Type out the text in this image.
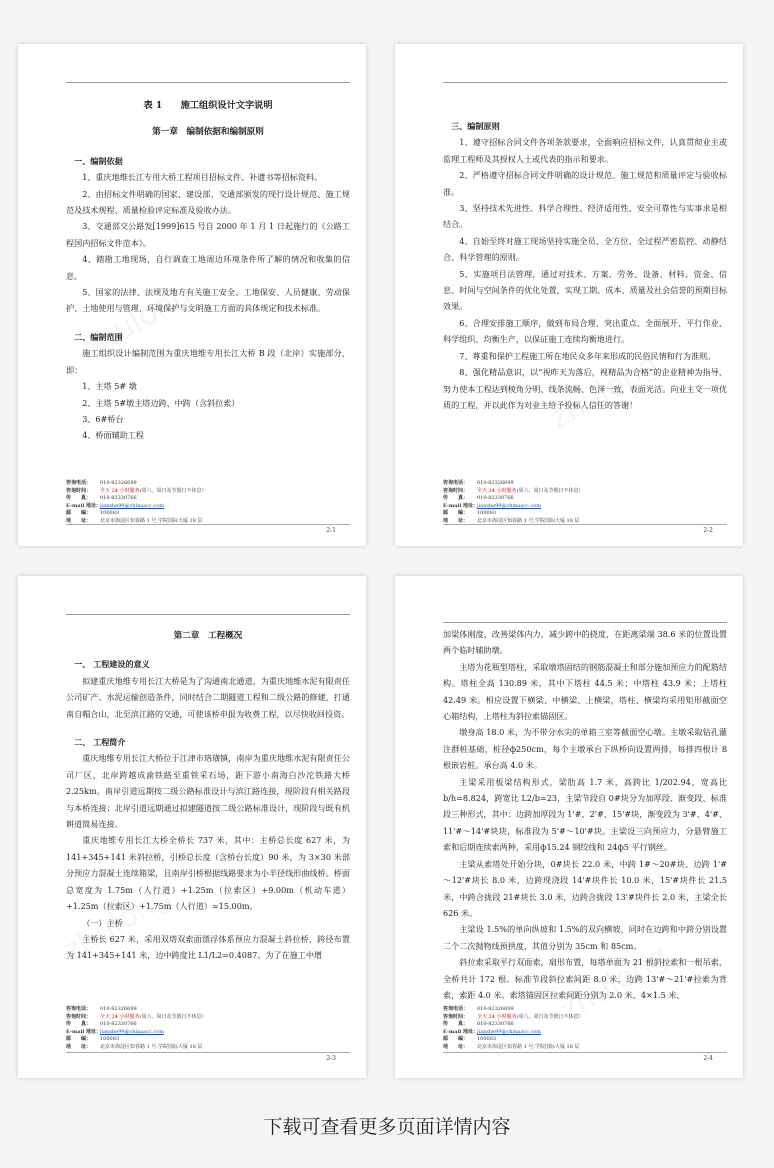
表 1　　施工组织设计文字说明

第一章　编制依据和编制原则

一、编制依据

1、重庆地维长江专用大桥工程项目招标文件、补遗书等招标资料。

2、由招标文件明确的国家、建设部、交通部颁发的现行设计规范、施工规范及技术规程、质量检验评定标准及验收办法。

3、交通部交公路发[1999]615 号自 2000 年 1 月 1 日起施行的《公路工程国内招标文件范本》。

4、踏勘工地现场，自行调查工地周边环境条件所了解的情况和收集的信息。

5、国家的法律、法规及地方有关施工安全、工地保安、人员健康、劳动保护、土地使用与管理、环境保护与文明施工方面的具体规定和技术标准。

二、编制范围

施工组织设计编制范围为重庆地维专用长江大桥 B 段（北岸）实施部分，即：

1、主塔 5# 墩

2、主塔 5#墩主塔边跨、中跨（含斜拉索）

3、6#桥台

4、桥面辅助工程

咨询电话： 010-82326699
咨询时间： 全天 24 小时服务(周六、周日及节假日不休息）
传　　真： 010-82330766
E-mail 地址：jianshe99@chinaacc.com
邮　　编： 100083
地　　址： 北京市海淀区知春路 1 号,学院国际大厦 18 层
2-1

三、编制原则

1、遵守招标合同文件各项条款要求，全面响应招标文件，认真贯彻业主或监理工程师及其授权人士或代表的指示和要求。

2、严格遵守招标合同文件明确的设计规范、施工规范和质量评定与验收标准。

3、坚持技术先进性、科学合理性、经济适用性、安全可靠性与实事求是相结合。

4、自始至终对施工现场坚持实施全员、全方位、全过程严密监控、动静结合、科学管理的原则。

5、实施项目法管理，通过对技术、方案、劳务、设备、材料、资金、信息、时间与空间条件的优化处置，实现工期、成本、质量及社会信誉的预期目标效果。

6、合理安排施工顺序，做到布局合理、突出重点、全面展开、平行作业、科学组织、均衡生产，以保证施工连续均衡地进行。

7、尊重和保护工程施工所在地民众多年来形成的民俗民情和行为准则。

8、强化精品意识，以“视昨天为落后，视精品为合格”的企业精神为指导，努力使本工程达到棱角分明、线条流畅、色泽一致，表面光洁。向业主交一项优质的工程，并以此作为对业主给予投标人信任的答谢！

咨询电话： 010-82326699
咨询时间： 全天 24 小时服务(周六、周日及节假日不休息）
传　　真： 010-82330766
E-mail 地址：jianshe99@chinaacc.com
邮　　编： 100083
地　　址： 北京市海淀区知春路 1 号,学院国际大厦 18 层
2-2

第二章　工程概况

一、 工程建设的意义

拟建重庆地维专用长江大桥是为了沟通南北通道，为重庆地维水泥有限责任公司矿产、水泥运输创造条件，同时结合二期隧道工程和二级公路的修建，打通南自帽合山，北至滨江路的交通，可使该桥申报为收费工程，以尽快收回投资。

二、 工程简介

重庆地维专用长江大桥位于江津市珞璜镇，南岸为重庆地维水泥有限责任公司厂区，北岸跨越成渝铁路至重铁采石场，距下游小南海白沙沱铁路大桥 2.25km。南岸引道远期按二级公路标准设计与滨江路连接，现阶段有相关路段与本桥连接；北岸引道远期通过拟建隧道按二级公路标准设计，现阶段与既有机耕道简易连接。

重庆地维专用长江大桥全桥长 737 米，其中：主桥总长度 627 米，为 141+345+141 米斜拉桥，引桥总长度（含桥台长度）90 米，为 3×30 米部分预应力混凝土连续箱梁，且南岸引桥根据线路要求为小半径线形曲线桥。桥面总宽度为 1.75m（人行道）+1.25m（拉索区）+9.00m（机动车道）+1.25m（拉索区）+1.75m（人行道）=15.00m。

（一）主桥

主桥长 627 米，采用双塔双索面漂浮体系预应力混凝土斜拉桥，跨径布置为 141+345+141 米，边中跨度比 L1/L2=0.4087。为了在施工中增

咨询电话： 010-82326699
咨询时间： 全天 24 小时服务(周六、周日及节假日不休息）
传　　真： 010-82330766
E-mail 地址：jianshe99@chinaacc.com
邮　　编： 100083
地　　址： 北京市海淀区知春路 1 号,学院国际大厦 18 层
2-3

加梁体刚度，改善梁体内力，减少跨中的挠度，在距离梁端 38.6 米的位置设置两个临时辅助墩。

主塔为花瓶型塔柱，采取墩塔固结的钢筋混凝土和部分施加预应力的配筋结构。塔柱全高 130.89 米，其中下塔柱 44.5 米；中塔柱 43.9 米；上塔柱 42.49 米。相应设置下横梁、中横梁、上横梁，塔柱、横梁均采用矩形截面空心箱结构，上塔柱为斜拉索锚固区。

墩身高 18.0 米，为不带分水尖的单箱三室等截面空心墩。主墩采取钻孔灌注群桩基础，桩径ф250cm，每个主墩承台下纵桥向设置两排，每排四根计 8 根嵌岩桩。承台高 4.0 米。

主梁采用板梁结构形式，梁肋高 1.7 米，高跨比 1/202.94，宽高比 b/h=8.824，跨宽比 L2/b=23，主梁节段自 0#块分为加厚段、渐变段、标准段三种形式，其中：边跨加厚段为 1'#、2'#、15'#块，渐变段为 3'#、4'#、11'#～14'#块块，标准段为 5'#～10'#块。主梁设三向预应力，分悬臂施工索和后期连续索两种，采用ф15.24 钢绞线和 24ф5 平行钢丝。

主梁从索塔处开始分块，0#块长 22.0 米，中跨 1#～20#块、边跨 1'#～12'#块长 8.0 米，边跨现浇段 14'#块件长 10.0 米，15'#块件长 21.5 米，中跨合拢段 21#块长 3.0 米，边跨合拢段 13'#块件长 2.0 米，主梁全长 626 米。

主梁设 1.5%的单向纵坡和 1.5%的双向横坡，同时在边跨和中跨分别设置二个二次抛物线预拱度，其值分别为 35cm 和 85cm。

斜拉索采取平行双面索，扇形布置，每塔单面为 21 根斜拉索和一根吊索，全桥共计 172 根。标准节段斜拉索间距 8.0 米，边跨 13'#～21'#拉索为背索，索距 4.0 米。索塔锚固区拉索间距分别为 2.0 米、4×1.5 米、

咨询电话： 010-82326699
咨询时间： 全天 24 小时服务(周六、周日及节假日不休息）
传　　真： 010-82330766
E-mail 地址：jianshe99@chinaacc.com
邮　　编： 100083
地　　址： 北京市海淀区知春路 1 号,学院国际大厦 18 层
2-4
下载可查看更多页面详情内容
